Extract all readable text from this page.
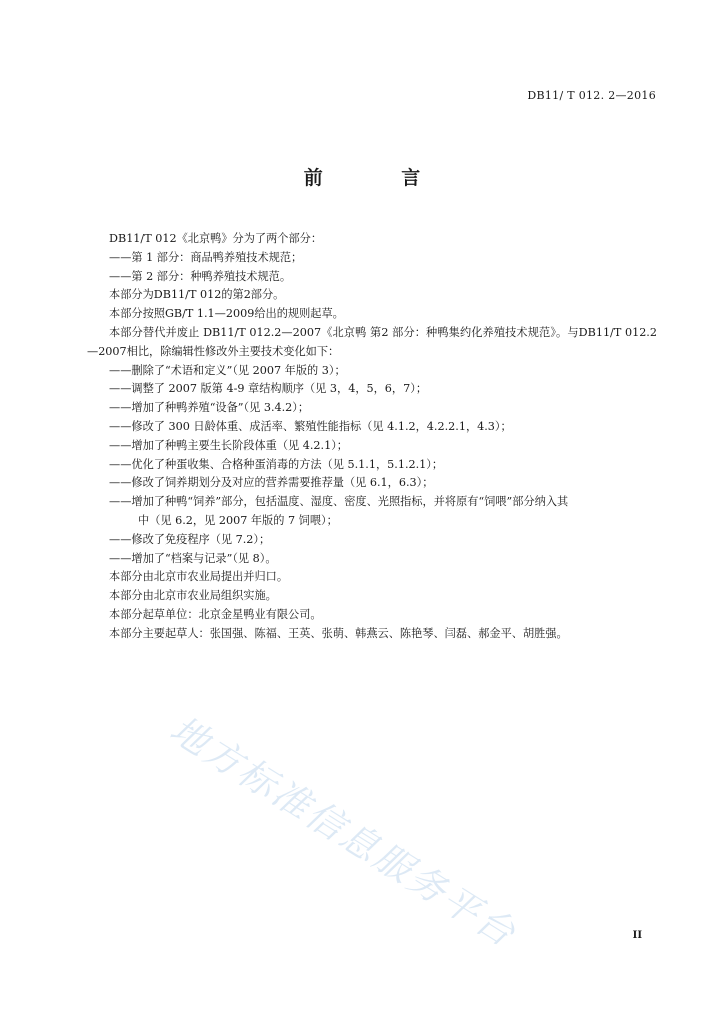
DB11/ T 012. 2—2016
前 言

DB11/T 012《北京鸭》分为了两个部分：

——第 1 部分：商品鸭养殖技术规范；

——第 2 部分：种鸭养殖技术规范。

本部分为DB11/T 012的第2部分。

本部分按照GB/T 1.1—2009给出的规则起草。

本部分替代并废止 DB11/T 012.2—2007《北京鸭 第2 部分：种鸭集约化养殖技术规范》。与DB11/T 012.2—2007相比，除编辑性修改外主要技术变化如下：

——删除了“术语和定义”（见 2007 年版的 3）；

——调整了 2007 版第 4-9 章结构顺序（见 3，4，5，6，7）；

——增加了种鸭养殖“设备”（见 3.4.2）；

——修改了 300 日龄体重、成活率、繁殖性能指标（见 4.1.2，4.2.2.1，4.3）；

——增加了种鸭主要生长阶段体重（见 4.2.1）；

——优化了种蛋收集、合格种蛋消毒的方法（见 5.1.1，5.1.2.1）；

——修改了饲养期划分及对应的营养需要推荐量（见 6.1，6.3）；

——增加了种鸭“饲养”部分，包括温度、湿度、密度、光照指标，并将原有“饲喂”部分纳入其

中（见 6.2，见 2007 年版的 7 饲喂）；

——修改了免疫程序（见 7.2）；

——增加了“档案与记录”（见 8）。

本部分由北京市农业局提出并归口。

本部分由北京市农业局组织实施。

本部分起草单位：北京金星鸭业有限公司。

本部分主要起草人：张国强、陈福、王英、张萌、韩燕云、陈艳琴、闫磊、郝金平、胡胜强。

地方标准信息服务平台	II
